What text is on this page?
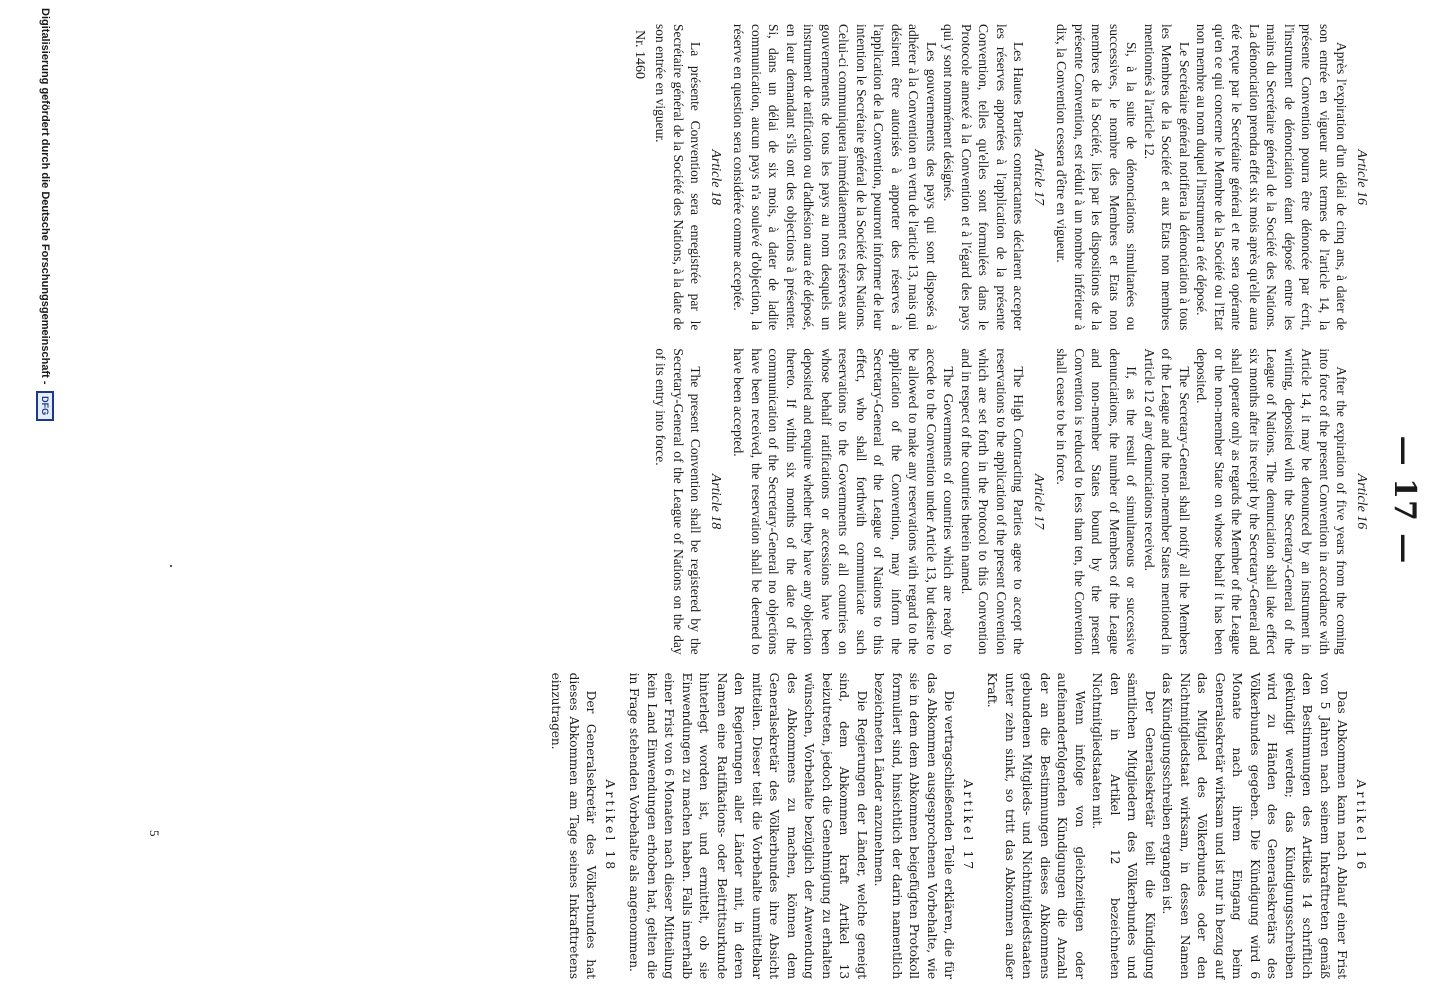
— 17 —
Article 16

Après l'expiration d'un délai de cinq ans, à dater de son entrée en vigueur aux termes de l'article 14, la présente Convention pourra être dénoncée par écrit, l'instrument de dénonciation étant déposé entre les mains du Secrétaire général de la Société des Nations. La dénonciation prendra effet six mois après qu'elle aura été reçue par le Secrétaire général et ne sera opérante qu'en ce qui concerne le Membre de la Société ou l'Etat non membre au nom duquel l'instrument a été déposé.

Le Secrétaire général notifiera la dénonciation à tous les Membres de la Société et aux Etats non membres mentionnés à l'article 12.

Si, à la suite de dénonciations simultanées ou successives, le nombre des Membres et Etats non membres de la Société, liés par les dispositions de la présente Convention, est réduit à un nombre inférieur à dix, la Convention cessera d'être en vigueur.

Article 17

Les Hautes Parties contractantes déclarent accepter les réserves apportées à l'application de la présente Convention, telles qu'elles sont formulées dans le Protocole annexé à la Convention et à l'égard des pays qui y sont nommément désignés.

Les gouvernements des pays qui sont disposés à adhérer à la Convention en vertu de l'article 13, mais qui désirent être autorisés à apporter des réserves à l'application de la Convention, pourront informer de leur intention le Secrétaire général de la Société des Nations. Celui-ci communiquera immédiatement ces réserves aux gouvernements de tous les pays au nom desquels un instrument de ratification ou d'adhésion aura été déposé, en leur demandant s'ils ont des objections à présenter. Si, dans un délai de six mois, à dater de ladite communication, aucun pays n'a soulevé d'objection, la réserve en question sera considérée comme acceptée.

Article 18

La présente Convention sera enregistrée par le Secrétaire général de la Société des Nations, à la date de son entrée en vigueur.

Nr. 1460
Article 16

After the expiration of five years from the coming into force of the present Convention in accordance with Article 14, it may be denounced by an instrument in writing, deposited with the Secretary-General of the League of Nations. The denunciation shall take effect six months after its receipt by the Secretary-General and shall operate only as regards the Member of the League or the non-member State on whose behalf it has been deposited.

The Secretary-General shall notify all the Members of the League and the non-member States mentioned in Article 12 of any denunciations received.

If, as the result of simultaneous or successive denunciations, the number of Members of the League and non-member States bound by the present Convention is reduced to less than ten, the Convention shall cease to be in force.

Article 17

The High Contracting Parties agree to accept the reservations to the application of the present Convention which are set forth in the Protocol to this Convention and in respect of the countries therein named.

The Governments of countries which are ready to accede to the Convention under Article 13, but desire to be allowed to make any reservations with regard to the application of the Convention, may inform the Secretary-General of the League of Nations to this effect, who shall forthwith communicate such reservations to the Governments of all countries on whose behalf ratifications or accessions have been deposited and enquire whether they have any objection thereto. If within six months of the date of the communication of the Secretary-General no objections have been received, the reservation shall be deemed to have been accepted.

Article 18

The present Convention shall be registered by the Secretary-General of the League of Nations on the day of its entry into force.

Artikel 16

Das Abkommen kann nach Ablauf einer Frist von 5 Jahren nach seinem Inkrafttreten gemäß den Bestimmungen des Artikels 14 schriftlich gekündigt werden; das Kündigungsschreiben wird zu Händen des Generalsekretärs des Völkerbundes gegeben. Die Kündigung wird 6 Monate nach ihrem Eingang beim Generalsekretär wirksam und ist nur in bezug auf das Mitglied des Völkerbundes oder den Nichtmitgliedstaat wirksam, in dessen Namen das Kündigungsschreiben ergangen ist.

Der Generalsekretär teilt die Kündigung sämtlichen Mitgliedern des Völkerbundes und den in Artikel 12 bezeichneten Nichtmitgliedstaaten mit.

Wenn infolge von gleichzeitigen oder aufeinanderfolgenden Kündigungen die Anzahl der an die Bestimmungen dieses Abkommens gebundenen Mitglieds- und Nichtmitgliedstaaten unter zehn sinkt, so tritt das Abkommen außer Kraft.

Artikel 17

Die vertragschließenden Teile erklären, die für das Abkommen ausgesprochenen Vorbehalte, wie sie in dem dem Abkommen beigefügten Protokoll formuliert sind, hinsichtlich der darin namentlich bezeichneten Länder anzunehmen.

Die Regierungen der Länder, welche geneigt sind, dem Abkommen kraft Artikel 13 beizutreten, jedoch die Genehmigung zu erhalten wünschen, Vorbehalte bezüglich der Anwendung des Abkommens zu machen, können dem Generalsekretär des Völkerbundes ihre Absicht mitteilen. Dieser teilt die Vorbehalte unmittelbar den Regierungen aller Länder mit, in deren Namen eine Ratifikations- oder Beitrittsurkunde hinterlegt worden ist, und ermittelt, ob sie Einwendungen zu machen haben. Falls innerhalb einer Frist von 6 Monaten nach dieser Mitteilung kein Land Einwendungen erhoben hat, gelten die in Frage stehenden Vorbehalte als angenommen.

Artikel 18

Der Generalsekretär des Völkerbundes hat dieses Abkommen am Tage seines Inkrafttretens einzutragen.

5
Digitalisierung gefördert durch die Deutsche Forschungsgemeinschaft - DFG
